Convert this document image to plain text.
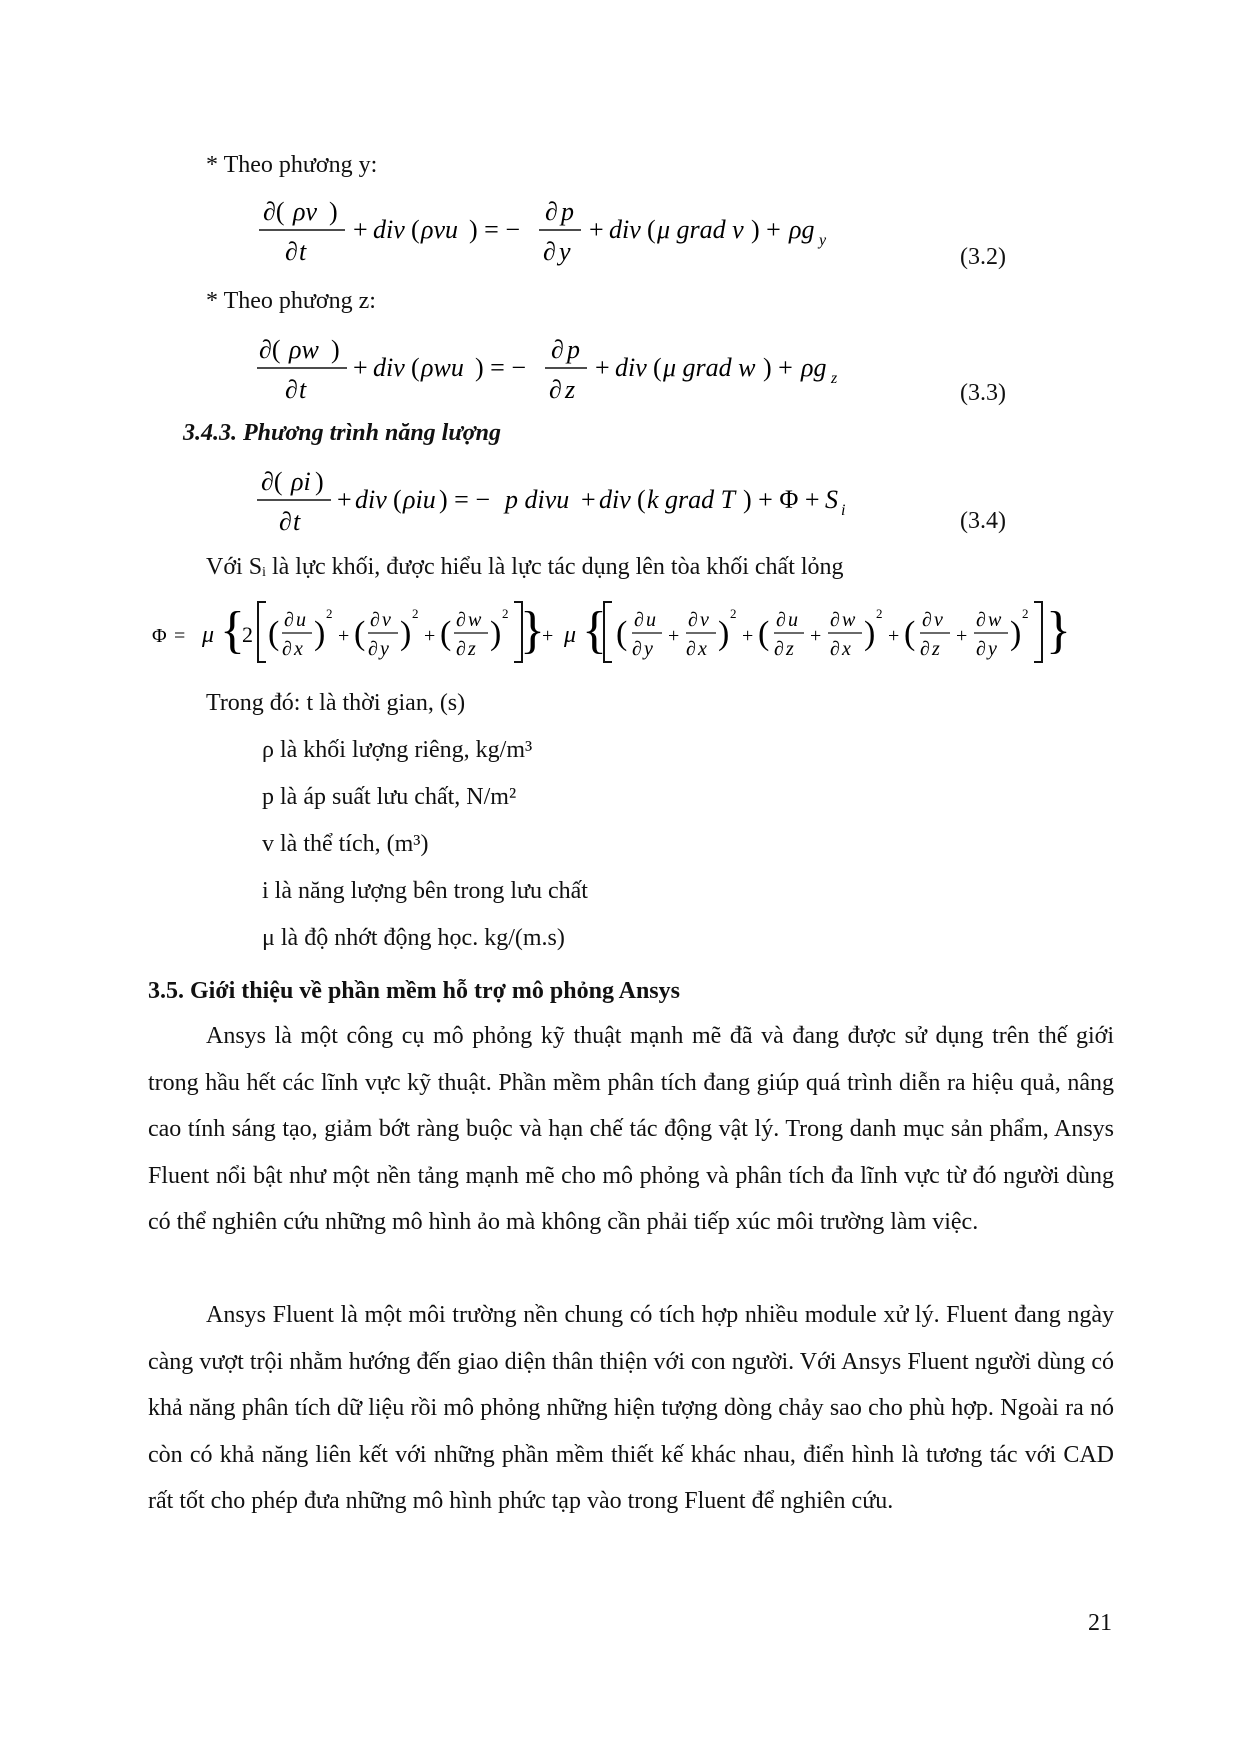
* Theo phương y:
∂( ρv )
∂ t
+ div ( ρvu ) = −
∂ p
∂ y
+ div ( μ grad v ) + ρg y
(3.2)
* Theo phương z:
∂( ρw )
∂ t
+ div ( ρwu ) = −
∂ p
∂ z
+ div ( μ grad w ) + ρg z
(3.3)
3.4.3. Phương trình năng lượng
∂( ρi )
∂ t
+ div ( ρiu ) = − p divu + div ( k grad T ) + Φ + S i	(3.4)
Với Sᵢ là lực khối, được hiểu là lực tác dụng lên tòa khối chất lỏng
Φ = μ {
2 ( ∂ u
∂ x )
2
+ ( ∂ v
∂ y )
2
+ ( ∂ w
∂ z )
2 }
+ μ { ( ∂ u
∂ y
+
∂ v
∂ x )
2
+ ( ∂ u
∂ z
+
∂ w
∂ x )
2
+ ( ∂ v
∂ z
+
∂ w
∂ y )
2 }
Trong đó: t là thời gian, (s)
ρ là khối lượng riêng, kg/m³
p là áp suất lưu chất, N/m²
v là thể tích, (m³)
i là năng lượng bên trong lưu chất
μ là độ nhớt động học. kg/(m.s)
3.5. Giới thiệu về phần mềm hỗ trợ mô phỏng Ansys

Ansys là một công cụ mô phỏng kỹ thuật mạnh mẽ đã và đang được sử dụng trên thế giới trong hầu hết các lĩnh vực kỹ thuật. Phần mềm phân tích đang giúp quá trình diễn ra hiệu quả, nâng cao tính sáng tạo, giảm bớt ràng buộc và hạn chế tác động vật lý. Trong danh mục sản phẩm, Ansys Fluent nổi bật như một nền tảng mạnh mẽ cho mô phỏng và phân tích đa lĩnh vực từ đó người dùng có thể nghiên cứu những mô hình ảo mà không cần phải tiếp xúc môi trường làm việc.

Ansys Fluent là một môi trường nền chung có tích hợp nhiều module xử lý. Fluent đang ngày càng vượt trội nhằm hướng đến giao diện thân thiện với con người. Với Ansys Fluent người dùng có khả năng phân tích dữ liệu rồi mô phỏng những hiện tượng dòng chảy sao cho phù hợp. Ngoài ra nó còn có khả năng liên kết với những phần mềm thiết kế khác nhau, điển hình là tương tác với CAD rất tốt cho phép đưa những mô hình phức tạp vào trong Fluent để nghiên cứu.

21
